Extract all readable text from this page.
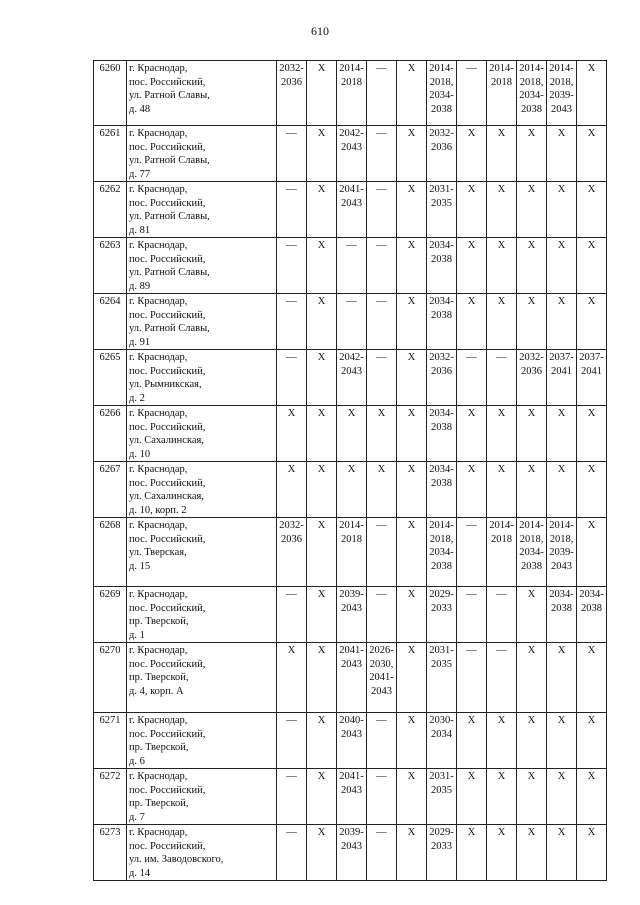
610
6260	г. Краснодар,
пос. Российский,
ул. Ратной Славы,
д. 48	2032-
2036	X	2014-
2018	—	X	2014-
2018,
2034-
2038	—	2014-
2018	2014-
2018,
2034-
2038	2014-
2018,
2039-
2043	X

6261	г. Краснодар,
пос. Российский,
ул. Ратной Славы,
д. 77	—	X	2042-
2043	—	X	2032-
2036	X	X	X	X	X

6262	г. Краснодар,
пос. Российский,
ул. Ратной Славы,
д. 81	—	X	2041-
2043	—	X	2031-
2035	X	X	X	X	X

6263	г. Краснодар,
пос. Российский,
ул. Ратной Славы,
д. 89	—	X	—	—	X	2034-
2038	X	X	X	X	X

6264	г. Краснодар,
пос. Российский,
ул. Ратной Славы,
д. 91	—	X	—	—	X	2034-
2038	X	X	X	X	X

6265	г. Краснодар,
пос. Российский,
ул. Рымникская,
д. 2	—	X	2042-
2043	—	X	2032-
2036	—	—	2032-
2036	2037-
2041	2037-
2041

6266	г. Краснодар,
пос. Российский,
ул. Сахалинская,
д. 10	X	X	X	X	X	2034-
2038	X	X	X	X	X

6267	г. Краснодар,
пос. Российский,
ул. Сахалинская,
д. 10, корп. 2	X	X	X	X	X	2034-
2038	X	X	X	X	X

6268	г. Краснодар,
пос. Российский,
ул. Тверская,
д. 15	2032-
2036	X	2014-
2018	—	X	2014-
2018,
2034-
2038	—	2014-
2018	2014-
2018,
2034-
2038	2014-
2018,
2039-
2043	X

6269	г. Краснодар,
пос. Российский,
пр. Тверской,
д. 1	—	X	2039-
2043	—	X	2029-
2033	—	—	X	2034-
2038	2034-
2038

6270	г. Краснодар,
пос. Российский,
пр. Тверской,
д. 4, корп. А	X	X	2041-
2043	2026-
2030,
2041-
2043	X	2031-
2035	—	—	X	X	X

6271	г. Краснодар,
пос. Российский,
пр. Тверской,
д. 6	—	X	2040-
2043	—	X	2030-
2034	X	X	X	X	X

6272	г. Краснодар,
пос. Российский,
пр. Тверской,
д. 7	—	X	2041-
2043	—	X	2031-
2035	X	X	X	X	X

6273	г. Краснодар,
пос. Российский,
ул. им. Заводовского,
д. 14	—	X	2039-
2043	—	X	2029-
2033	X	X	X	X	X
